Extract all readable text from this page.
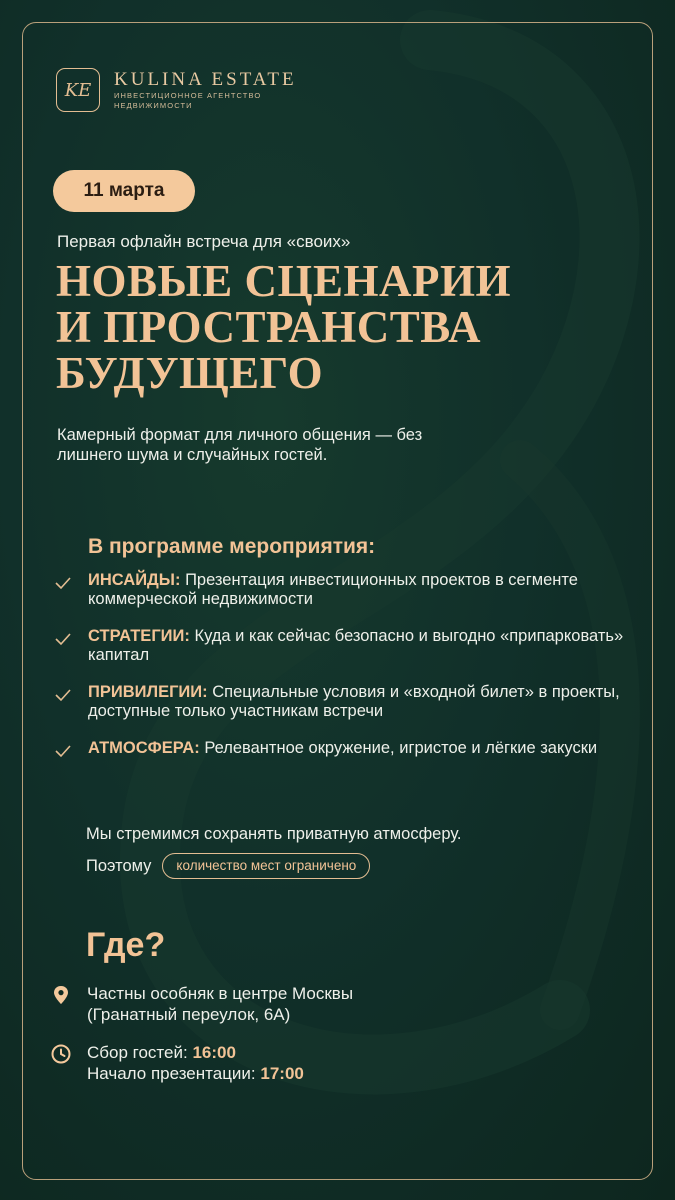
KE	KULINA ESTATE
ИНВЕСТИЦИОННОЕ АГЕНТСТВО НЕДВИЖИМОСТИ
11 марта
Первая офлайн встреча для «своих»
НОВЫЕ СЦЕНАРИИ
И ПРОСТРАНСТВА
БУДУЩЕГО
Камерный формат для личного общения — без лишнего шума и случайных гостей.
В программе мероприятия:
ИНСАЙДЫ: Презентация инвестиционных проектов в сегменте коммерческой недвижимости
СТРАТЕГИИ: Куда и как сейчас безопасно и выгодно «припарковать» капитал
ПРИВИЛЕГИИ: Специальные условия и «входной билет» в проекты, доступные только участникам встречи
АТМОСФЕРА: Релевантное окружение, игристое и лёгкие закуски
Мы стремимся сохранять приватную атмосферу.
Поэтому	количество мест ограничено
Где?
Частны особняк в центре Москвы
(Гранатный переулок, 6А)
Сбор гостей: 16:00
Начало презентации: 17:00
